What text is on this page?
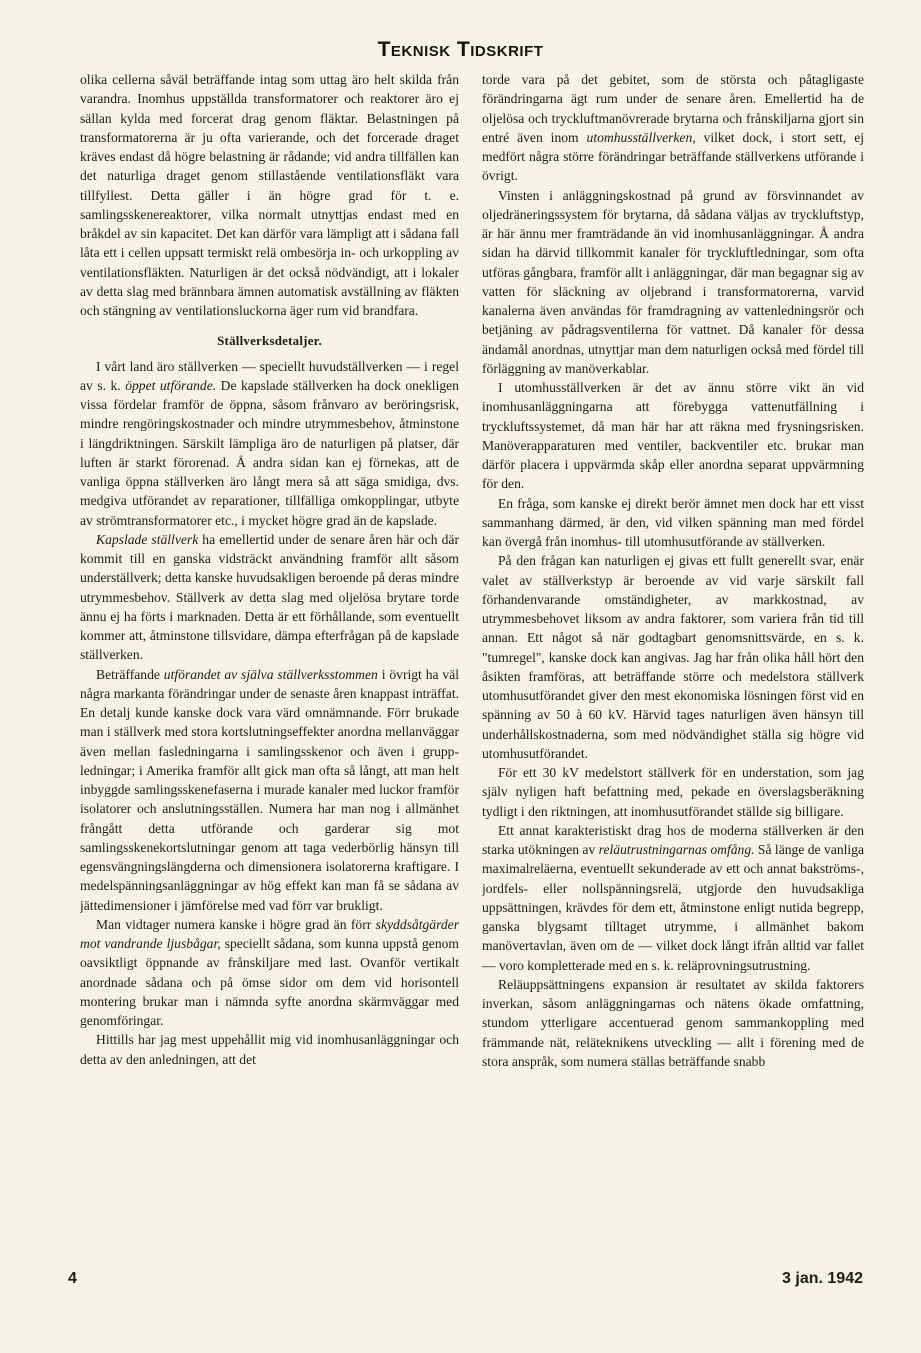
Teknisk Tidskrift

olika cellerna såväl beträffande intag som uttag äro helt skilda från varandra. Inomhus uppställda transformatorer och reaktorer äro ej sällan kylda med forcerat drag genom fläktar. Belastningen på transformatorerna är ju ofta varierande, och det forcerade draget kräves endast då högre belastning är rådande; vid andra tillfällen kan det naturliga draget genom stillastående ventilationsfläkt vara tillfyllest. Detta gäller i än högre grad för t. e. samlingsskenereaktorer, vilka normalt utnyttjas endast med en bråkdel av sin kapacitet. Det kan därför vara lämpligt att i sådana fall låta ett i cellen uppsatt termiskt relä ombesörja in- och urkoppling av ventilationsfläkten. Naturligen är det också nödvändigt, att i lokaler av detta slag med brännbara ämnen automatisk avställning av fläkten och stängning av ventilationsluckorna äger rum vid brandfara.

Ställverksdetaljer.

I vårt land äro ställverken — speciellt huvudställverken — i regel av s. k. öppet utförande. De kapslade ställverken ha dock onekligen vissa fördelar framför de öppna, såsom frånvaro av beröringsrisk, mindre rengöringskostnader och mindre utrymmesbehov, åtminstone i längdriktningen. Särskilt lämpliga äro de naturligen på platser, där luften är starkt förorenad. Å andra sidan kan ej förnekas, att de vanliga öppna ställverken äro långt mera så att säga smidiga, dvs. medgiva utförandet av reparationer, tillfälliga omkopplingar, utbyte av strömtransformatorer etc., i mycket högre grad än de kapslade.

Kapslade ställverk ha emellertid under de senare åren här och där kommit till en ganska vidsträckt användning framför allt såsom underställverk; detta kanske huvudsakligen beroende på deras mindre utrymmesbehov. Ställverk av detta slag med oljelösa brytare torde ännu ej ha förts i marknaden. Detta är ett förhållande, som eventuellt kommer att, åtminstone tillsvidare, dämpa efterfrågan på de kapslade ställverken.

Beträffande utförandet av själva ställverksstommen i övrigt ha väl några markanta förändringar under de senaste åren knappast inträffat. En detalj kunde kanske dock vara värd omnämnande. Förr brukade man i ställverk med stora kortslutningseffekter anordna mellanväggar även mellan fasledningarna i samlingsskenor och även i gruppledningar; i Amerika framför allt gick man ofta så långt, att man helt inbyggde samlingsskenefaserna i murade kanaler med luckor framför isolatorer och anslutningsställen. Numera har man nog i allmänhet frångått detta utförande och garderar sig mot samlingsskenekortslutningar genom att taga vederbörlig hänsyn till egensvängningslängderna och dimensionera isolatorerna kraftigare. I medelspänningsanläggningar av hög effekt kan man få se sådana av jättedimensioner i jämförelse med vad förr var brukligt.

Man vidtager numera kanske i högre grad än förr skyddsåtgärder mot vandrande ljusbågar, speciellt sådana, som kunna uppstå genom oavsiktligt öppnande av frånskiljare med last. Ovanför vertikalt anordnade sådana och på ömse sidor om dem vid horisontell montering brukar man i nämnda syfte anordna skärmväggar med genomföringar.

Hittills har jag mest uppehållit mig vid inomhusanläggningar och detta av den anledningen, att det

torde vara på det gebitet, som de största och påtagligaste förändringarna ägt rum under de senare åren. Emellertid ha de oljelösa och tryckluftmanövrerade brytarna och frånskiljarna gjort sin entré även inom utomhusställverken, vilket dock, i stort sett, ej medfört några större förändringar beträffande ställverkens utförande i övrigt.

Vinsten i anläggningskostnad på grund av försvinnandet av oljedräneringssystem för brytarna, då sådana väljas av tryckluftstyp, är här ännu mer framträdande än vid inomhusanläggningar. Å andra sidan ha därvid tillkommit kanaler för tryckluftledningar, som ofta utföras gångbara, framför allt i anläggningar, där man begagnar sig av vatten för släckning av oljebrand i transformatorerna, varvid kanalerna även användas för framdragning av vattenledningsrör och betjäning av pådragsventilerna för vattnet. Då kanaler för dessa ändamål anordnas, utnyttjar man dem naturligen också med fördel till förläggning av manöverkablar.

I utomhusställverken är det av ännu större vikt än vid inomhusanläggningarna att förebygga vattenutfällning i tryckluftssystemet, då man här har att räkna med frysningsrisken. Manöverapparaturen med ventiler, backventiler etc. brukar man därför placera i uppvärmda skåp eller anordna separat uppvärmning för den.

En fråga, som kanske ej direkt berör ämnet men dock har ett visst sammanhang därmed, är den, vid vilken spänning man med fördel kan övergå från inomhus- till utomhusutförande av ställverken.

På den frågan kan naturligen ej givas ett fullt generellt svar, enär valet av ställverkstyp är beroende av vid varje särskilt fall förhandenvarande omständigheter, av markkostnad, av utrymmesbehovet liksom av andra faktorer, som variera från tid till annan. Ett något så när godtagbart genomsnittsvärde, en s. k. "tumregel", kanske dock kan angivas. Jag har från olika håll hört den åsikten framföras, att beträffande större och medelstora ställverk utomhusutförandet giver den mest ekonomiska lösningen först vid en spänning av 50 à 60 kV. Härvid tages naturligen även hänsyn till underhållskostnaderna, som med nödvändighet ställa sig högre vid utomhusutförandet.

För ett 30 kV medelstort ställverk för en understation, som jag själv nyligen haft befattning med, pekade en överslagsberäkning tydligt i den riktningen, att inomhusutförandet ställde sig billigare.

Ett annat karakteristiskt drag hos de moderna ställverken är den starka utökningen av reläutrustningarnas omfång. Så länge de vanliga maximalreläerna, eventuellt sekunderade av ett och annat bakströms-, jordfels- eller nollspänningsrelä, utgjorde den huvudsakliga uppsättningen, krävdes för dem ett, åtminstone enligt nutida begrepp, ganska blygsamt tilltaget utrymme, i allmänhet bakom manövertavlan, även om de — vilket dock långt ifrån alltid var fallet — voro kompletterade med en s. k. reläprovningsutrustning.

Reläuppsättningens expansion är resultatet av skilda faktorers inverkan, såsom anläggningarnas och nätens ökade omfattning, stundom ytterligare accentuerad genom sammankoppling med främmande nät, reläteknikens utveckling — allt i förening med de stora anspråk, som numera ställas beträffande snabb

4	3 jan. 1942
